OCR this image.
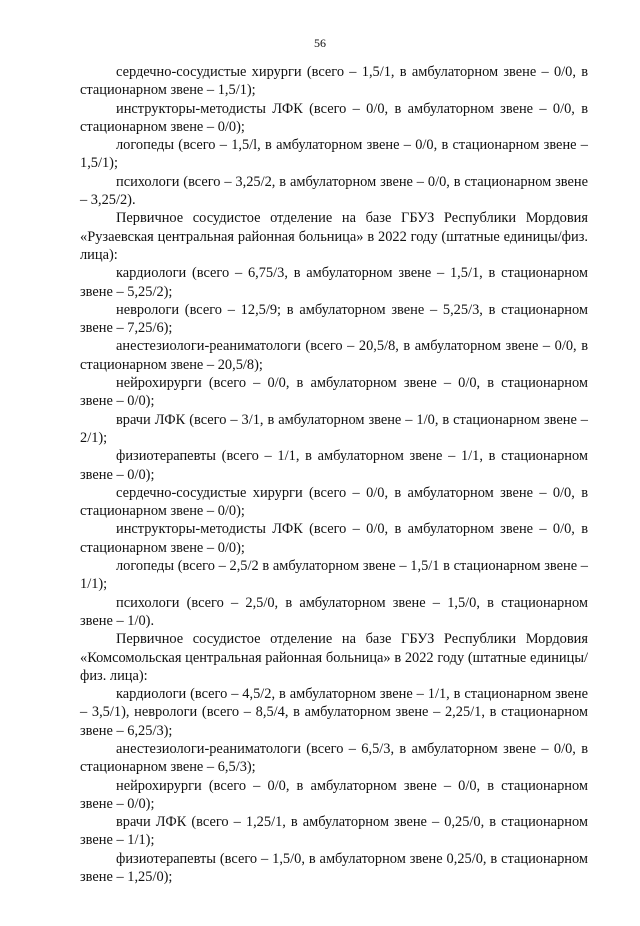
56

сердечно-сосудистые хирурги (всего – 1,5/1, в амбулаторном звене – 0/0, в стационарном звене – 1,5/1);

инструкторы-методисты ЛФК (всего – 0/0, в амбулаторном звене – 0/0, в стационарном звене – 0/0);

логопеды (всего – 1,5/l, в амбулаторном звене – 0/0, в стационарном звене – 1,5/1);

психологи (всего – 3,25/2, в амбулаторном звене – 0/0, в стационарном звене – 3,25/2).

Первичное сосудистое отделение на базе ГБУЗ Республики Мордовия «Рузаевская центральная районная больница» в 2022 году (штатные единицы/физ. лица):

кардиологи (всего – 6,75/3, в амбулаторном звене – 1,5/1, в стационарном звене – 5,25/2);

неврологи (всего – 12,5/9; в амбулаторном звене – 5,25/3, в стационарном звене – 7,25/6);

анестезиологи-реаниматологи (всего – 20,5/8, в амбулаторном звене – 0/0, в стационарном звене – 20,5/8);

нейрохирурги (всего – 0/0, в амбулаторном звене – 0/0, в стационарном звене – 0/0);

врачи ЛФК (всего – 3/1, в амбулаторном звене – 1/0, в стационарном звене – 2/1);

физиотерапевты (всего – 1/1, в амбулаторном звене – 1/1, в стационарном звене – 0/0);

сердечно-сосудистые хирурги (всего – 0/0, в амбулаторном звене – 0/0, в стационарном звене – 0/0);

инструкторы-методисты ЛФК (всего – 0/0, в амбулаторном звене – 0/0, в стационарном звене – 0/0);

логопеды (всего – 2,5/2 в амбулаторном звене – 1,5/1 в стационарном звене – 1/1);

психологи (всего – 2,5/0, в амбулаторном звене – 1,5/0, в стационарном звене – 1/0).

Первичное сосудистое отделение на базе ГБУЗ Республики Мордовия «Комсомольская центральная районная больница» в 2022 году (штатные единицы/физ. лица):

кардиологи (всего – 4,5/2, в амбулаторном звене – 1/1, в стационарном звене – 3,5/1), неврологи (всего – 8,5/4, в амбулаторном звене – 2,25/1, в стационарном звене – 6,25/3);

анестезиологи-реаниматологи (всего – 6,5/3, в амбулаторном звене – 0/0, в стационарном звене – 6,5/3);

нейрохирурги (всего – 0/0, в амбулаторном звене – 0/0, в стационарном звене – 0/0);

врачи ЛФК (всего – 1,25/1, в амбулаторном звене – 0,25/0, в стационарном звене – 1/1);

физиотерапевты (всего – 1,5/0, в амбулаторном звене 0,25/0, в стационарном звене – 1,25/0);
